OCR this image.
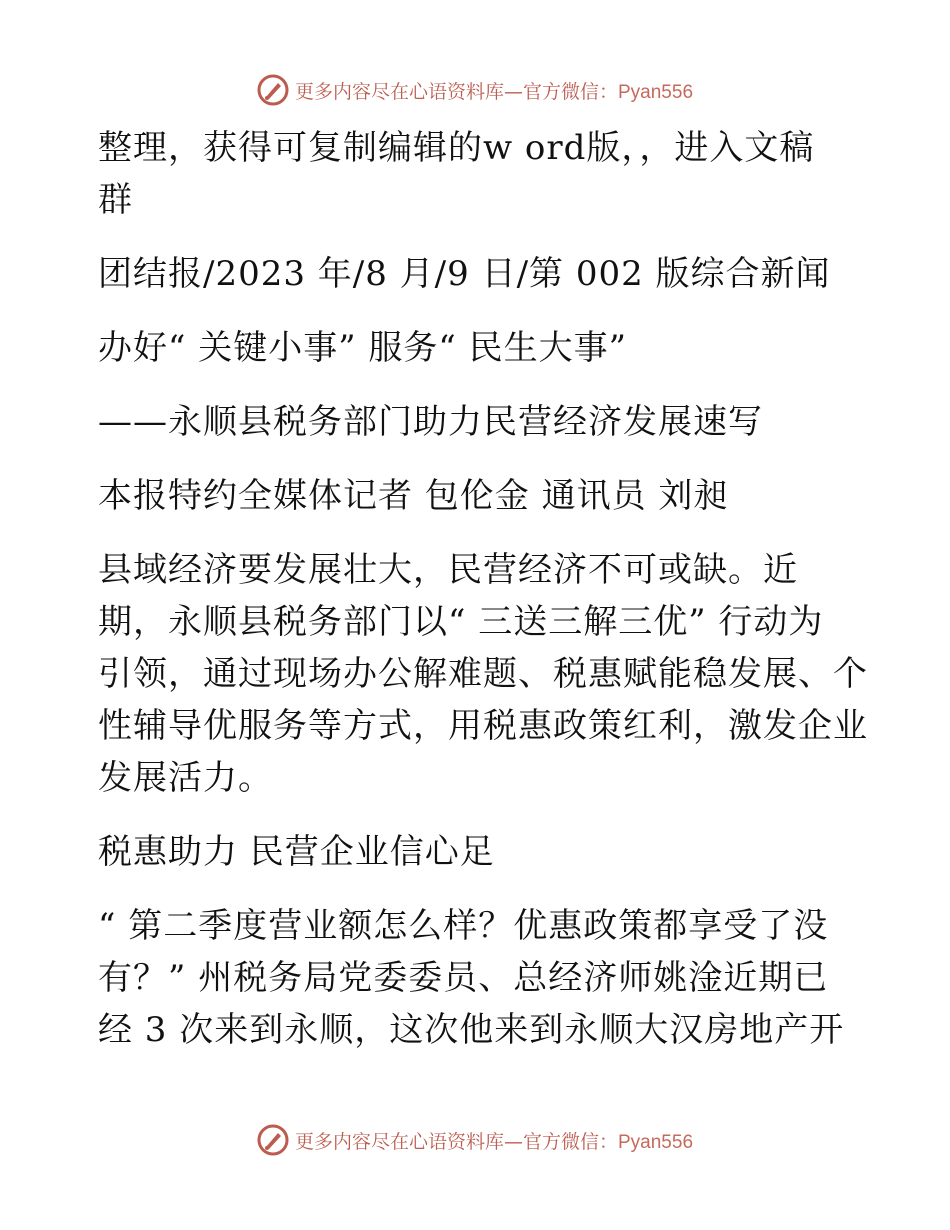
更多内容尽在心语资料库—官方微信：Pyan556
整理，获得可复制编辑的w ord版，，进入文稿
群
团结报/2023 年/8 月/9 日/第 002 版综合新闻
办好“ 关键小事” 服务“ 民生大事”
——永顺县税务部门助力民营经济发展速写
本报特约全媒体记者 包伦金 通讯员 刘昶
县域经济要发展壮大，民营经济不可或缺。近
期，永顺县税务部门以“ 三送三解三优” 行动为
引领，通过现场办公解难题、税惠赋能稳发展、个
性辅导优服务等方式，用税惠政策红利，激发企业
发展活力。
税惠助力 民营企业信心足
“ 第二季度营业额怎么样？优惠政策都享受了没
有？” 州税务局党委委员、总经济师姚淦近期已
经 3 次来到永顺，这次他来到永顺大汉房地产开
更多内容尽在心语资料库—官方微信：Pyan556
